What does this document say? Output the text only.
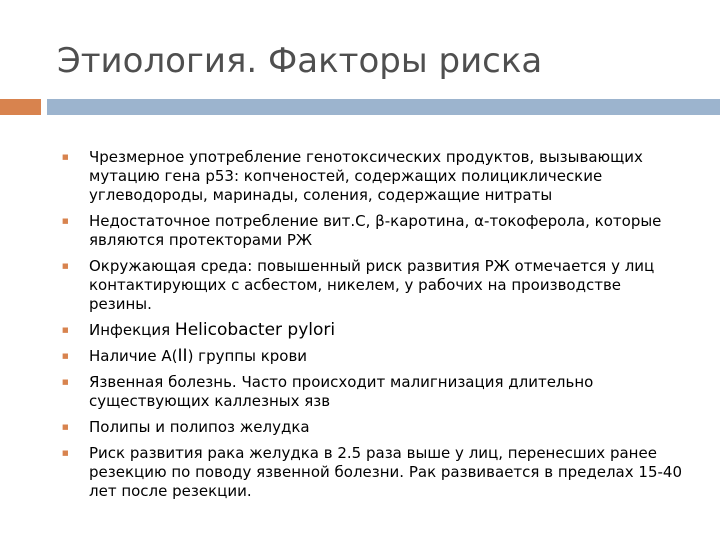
Этиология. Факторы риска
■ Чрезмерное употребление генотоксических продуктов, вызывающих мутацию гена p53: копченостей, содержащих полициклические углеводороды, маринады, соления, содержащие нитраты
■ Недостаточное потребление вит.С, β-каротина, α-токоферола, которые являются протекторами РЖ
■ Окружающая среда: повышенный риск развития РЖ отмечается у лиц контактирующих с асбестом, никелем, у рабочих на производстве резины.
■ Инфекция Helicobacter pylori
■ Наличие A(II) группы крови
■ Язвенная болезнь. Часто происходит малигнизация длительно существующих каллезных язв
■ Полипы и полипоз желудка
■ Риск развития рака желудка в 2.5 раза выше у лиц, перенесших ранее резекцию по поводу язвенной болезни. Рак развивается в пределах 15-40 лет после резекции.
